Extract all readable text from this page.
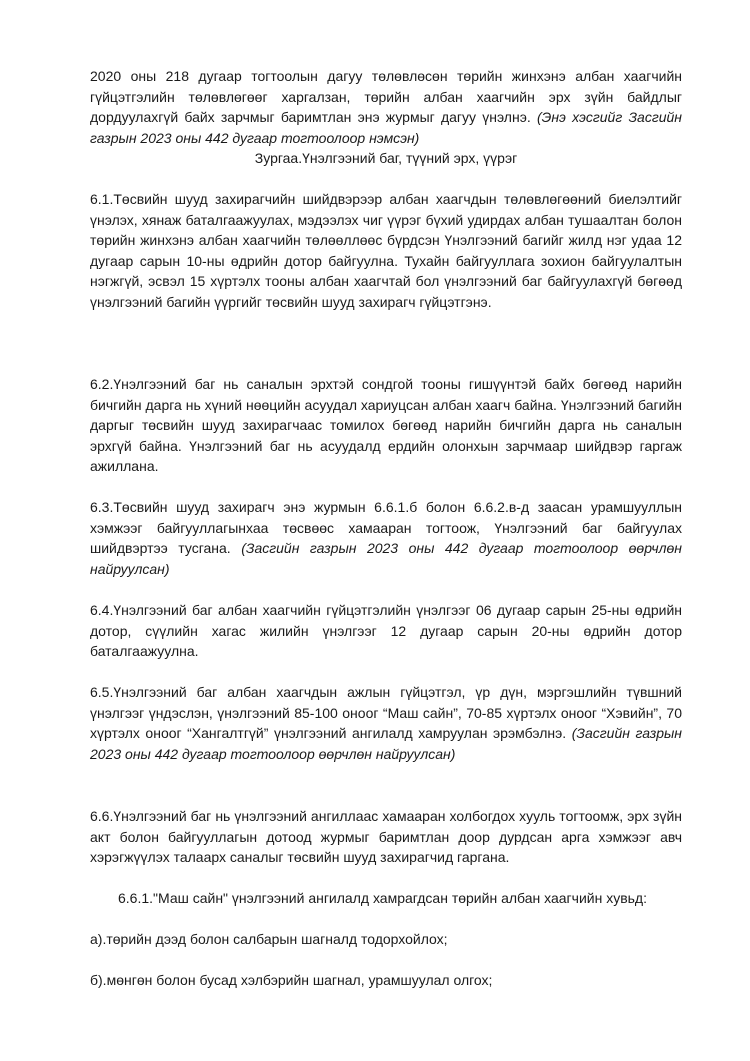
2020 оны 218 дугаар тогтоолын дагуу төлөвлөсөн төрийн жинхэнэ албан хаагчийн гүйцэтгэлийн төлөвлөгөөг харгалзан, төрийн албан хаагчийн эрх зүйн байдлыг дордуулахгүй байх зарчмыг баримтлан энэ журмыг дагуу үнэлнэ. (Энэ хэсгийг Засгийн газрын 2023 оны 442 дугаар тогтоолоор нэмсэн)

Зургаа.Үнэлгээний баг, түүний эрх, үүрэг

6.1.Төсвийн шууд захирагчийн шийдвэрээр албан хаагчдын төлөвлөгөөний биелэлтийг үнэлэх, хянаж баталгаажуулах, мэдээлэх чиг үүрэг бүхий удирдах албан тушаалтан болон төрийн жинхэнэ албан хаагчийн төлөөллөөс бүрдсэн Үнэлгээний багийг жилд нэг удаа 12 дугаар сарын 10-ны өдрийн дотор байгуулна. Тухайн байгууллага зохион байгуулалтын нэгжгүй, эсвэл 15 хүртэлх тооны албан хаагчтай бол үнэлгээний баг байгуулахгүй бөгөөд үнэлгээний багийн үүргийг төсвийн шууд захирагч гүйцэтгэнэ.

6.2.Үнэлгээний баг нь саналын эрхтэй сондгой тооны гишүүнтэй байх бөгөөд нарийн бичгийн дарга нь хүний нөөцийн асуудал хариуцсан албан хаагч байна. Үнэлгээний багийн даргыг төсвийн шууд захирагчаас томилох бөгөөд нарийн бичгийн дарга нь саналын эрхгүй байна. Үнэлгээний баг нь асуудалд ердийн олонхын зарчмаар шийдвэр гаргаж ажиллана.

6.3.Төсвийн шууд захирагч энэ журмын 6.6.1.б болон 6.6.2.в-д заасан урамшууллын хэмжээг байгууллагынхаа төсвөөс хамааран тогтоож, Үнэлгээний баг байгуулах шийдвэртээ тусгана. (Засгийн газрын 2023 оны 442 дугаар тогтоолоор өөрчлөн найруулсан)

6.4.Үнэлгээний баг албан хаагчийн гүйцэтгэлийн үнэлгээг 06 дугаар сарын 25-ны өдрийн дотор, сүүлийн хагас жилийн үнэлгээг 12 дугаар сарын 20-ны өдрийн дотор баталгаажуулна.

6.5.Үнэлгээний баг албан хаагчдын ажлын гүйцэтгэл, үр дүн, мэргэшлийн түвшний үнэлгээг үндэслэн, үнэлгээний 85-100 оноог “Маш сайн”, 70-85 хүртэлх оноог “Хэвийн”, 70 хүртэлх оноог “Хангалтгүй” үнэлгээний ангилалд хамруулан эрэмбэлнэ. (Засгийн газрын 2023 оны 442 дугаар тогтоолоор өөрчлөн найруулсан)

6.6.Үнэлгээний баг нь үнэлгээний ангиллаас хамааран холбогдох хууль тогтоомж, эрх зүйн акт болон байгууллагын дотоод журмыг баримтлан доор дурдсан арга хэмжээг авч хэрэгжүүлэх талаарх саналыг төсвийн шууд захирагчид гаргана.

6.6.1."Маш сайн" үнэлгээний ангилалд хамрагдсан төрийн албан хаагчийн хувьд:

а).төрийн дээд болон салбарын шагналд тодорхойлох;

б).мөнгөн болон бусад хэлбэрийн шагнал, урамшуулал олгох;
